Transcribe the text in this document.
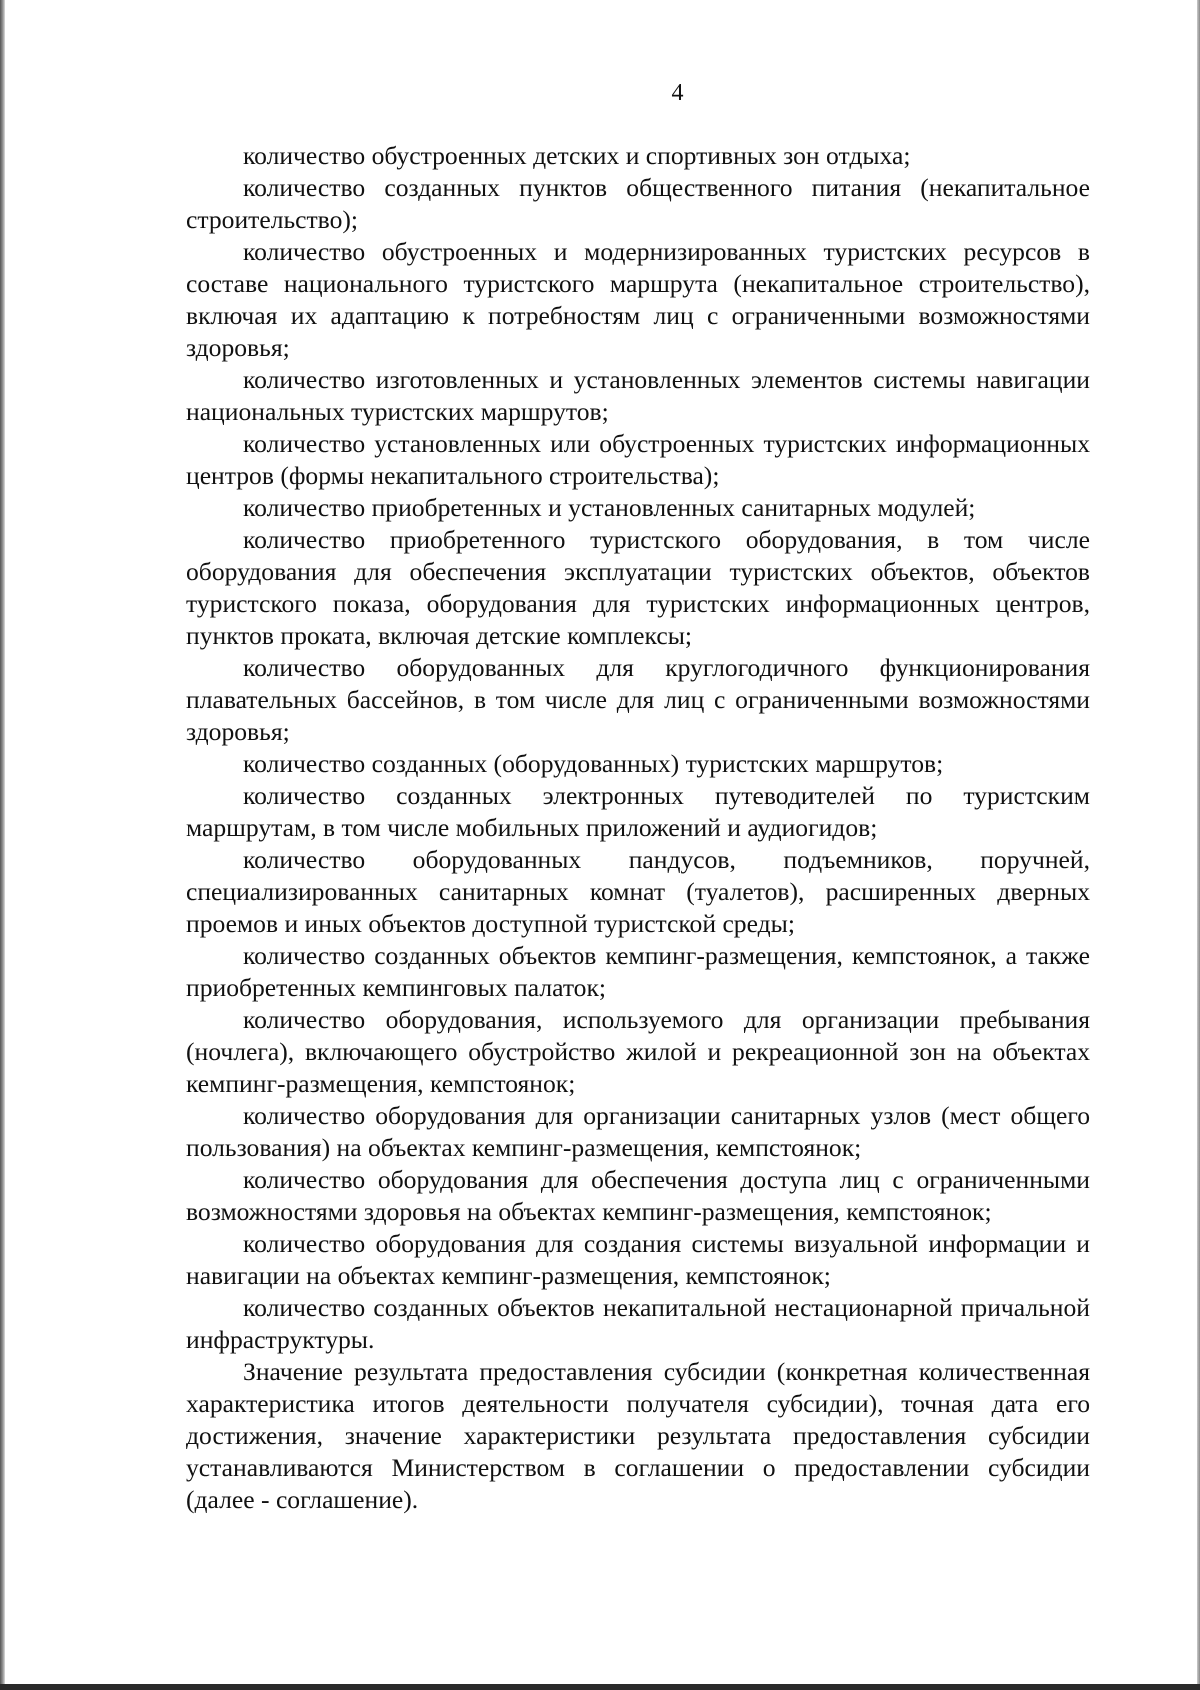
4

количество обустроенных детских и спортивных зон отдыха;

количество созданных пунктов общественного питания (некапитальное строительство);

количество обустроенных и модернизированных туристских ресурсов в составе национального туристского маршрута (некапитальное строительство), включая их адаптацию к потребностям лиц с ограниченными возможностями здоровья;

количество изготовленных и установленных элементов системы навигации национальных туристских маршрутов;

количество установленных или обустроенных туристских информационных центров (формы некапитального строительства);

количество приобретенных и установленных санитарных модулей;

количество приобретенного туристского оборудования, в том числе оборудования для обеспечения эксплуатации туристских объектов, объектов туристского показа, оборудования для туристских информационных центров, пунктов проката, включая детские комплексы;

количество оборудованных для круглогодичного функционирования плавательных бассейнов, в том числе для лиц с ограниченными возможностями здоровья;

количество созданных (оборудованных) туристских маршрутов;

количество созданных электронных путеводителей по туристским маршрутам, в том числе мобильных приложений и аудиогидов;

количество оборудованных пандусов, подъемников, поручней, специализированных санитарных комнат (туалетов), расширенных дверных проемов и иных объектов доступной туристской среды;

количество созданных объектов кемпинг-размещения, кемпстоянок, а также приобретенных кемпинговых палаток;

количество оборудования, используемого для организации пребывания (ночлега), включающего обустройство жилой и рекреационной зон на объектах кемпинг-размещения, кемпстоянок;

количество оборудования для организации санитарных узлов (мест общего пользования) на объектах кемпинг-размещения, кемпстоянок;

количество оборудования для обеспечения доступа лиц с ограниченными возможностями здоровья на объектах кемпинг-размещения, кемпстоянок;

количество оборудования для создания системы визуальной информации и навигации на объектах кемпинг-размещения, кемпстоянок;

количество созданных объектов некапитальной нестационарной причальной инфраструктуры.

Значение результата предоставления субсидии (конкретная количественная характеристика итогов деятельности получателя субсидии), точная дата его достижения, значение характеристики результата предоставления субсидии устанавливаются Министерством в соглашении о предоставлении субсидии (далее - соглашение).
